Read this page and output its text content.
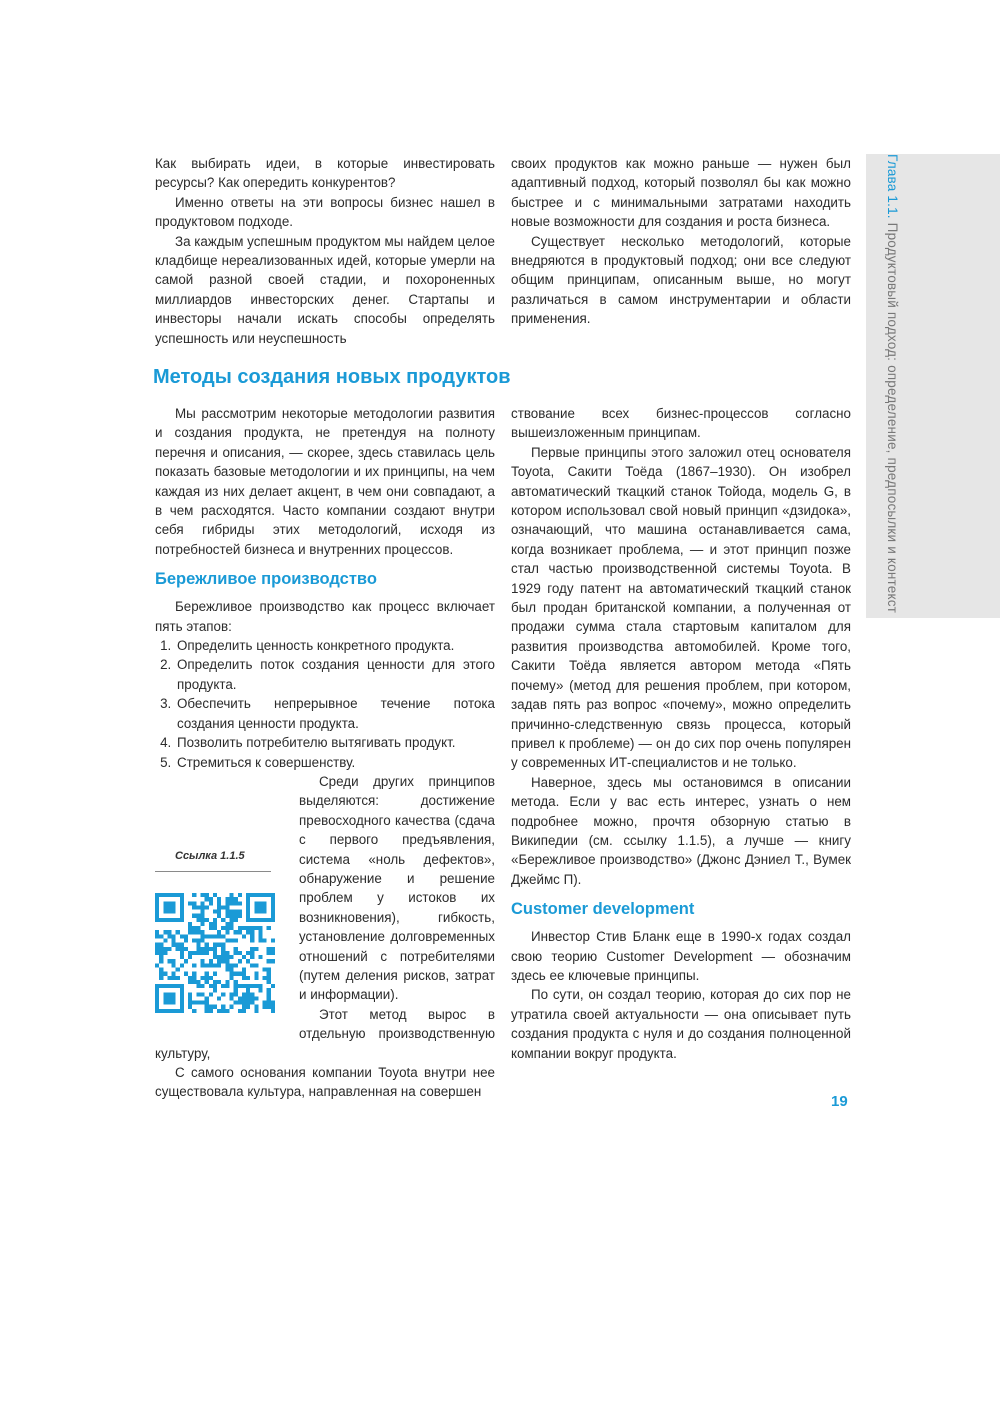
Глава 1.1. Продуктовый подход: определение, предпосылки и контекст

Как выбирать идеи, в которые инвестировать ресурсы? Как опередить конкурентов?

Именно ответы на эти вопросы бизнес нашел в продуктовом подходе.

За каждым успешным продуктом мы найдем целое кладбище нереализованных идей, которые умерли на самой разной своей стадии, и похороненных миллиардов инвесторских денег. Стартапы и инвесторы начали искать способы определять успешность или неуспешность

своих продуктов как можно раньше — нужен был адаптивный подход, который позволял бы как можно быстрее и с минимальными затратами находить новые возможности для создания и роста бизнеса.

Существует несколько методологий, которые внедряются в продуктовый подход; они все следуют общим принципам, описанным выше, но могут различаться в самом инструментарии и области применения.

Методы создания новых продуктов

Мы рассмотрим некоторые методологии развития и создания продукта, не претендуя на полноту перечня и описания, — скорее, здесь ставилась цель показать базовые методологии и их принципы, на чем каждая из них делает акцент, в чем они совпадают, а в чем расходятся. Часто компании создают внутри себя гибриды этих методологий, исходя из потребностей бизнеса и внутренних процессов.

Бережливое производство

Бережливое производство как процесс включает пять этапов:

1. Определить ценность конкретного продукта.
2. Определить поток создания ценности для этого продукта.
3. Обеспечить непрерывное течение потока создания ценности продукта.
4. Позволить потребителю вытягивать продукт.
5. Стремиться к совершенству.

Ссылка 1.1.5
Среди других принципов выделяются: достижение превосходного качества (сдача с первого предъявления, система «ноль дефектов», обнаружение и решение проблем у истоков их возникновения), гибкость, установление долговременных отношений с потребителями (путем деления рисков, затрат и информации).

Этот метод вырос в отдельную производственную культуру,

С самого основания компании Toyota внутри нее существовала культура, направленная на совершен

ствование всех бизнес-процессов согласно вышеизложенным принципам.

Первые принципы этого заложил отец основателя Toyota, Сакити Тоёда (1867–1930). Он изобрел автоматический ткацкий станок Тойода, модель G, в котором использовал свой новый принцип «дзидока», означающий, что машина останавливается сама, когда возникает проблема, — и этот принцип позже стал частью производственной системы Toyota. В 1929 году патент на автоматический ткацкий станок был продан британской компании, а полученная от продажи сумма стала стартовым капиталом для развития производства автомобилей. Кроме того, Сакити Тоёда является автором метода «Пять почему» (метод для решения проблем, при котором, задав пять раз вопрос «почему», можно определить причинно-следственную связь процесса, который привел к проблеме) — он до сих пор очень популярен у современных ИТ-специалистов и не только.

Наверное, здесь мы остановимся в описании метода. Если у вас есть интерес, узнать о нем подробнее можно, прочтя обзорную статью в Википедии (см. ссылку 1.1.5), а лучше — книгу «Бережливое производство» (Джонс Дэниел Т., Вумек Джеймс П).

Customer development

Инвестор Стив Бланк еще в 1990-х годах создал свою теорию Customer Development — обозначим здесь ее ключевые принципы.

По сути, он создал теорию, которая до сих пор не утратила своей актуальности — она описывает путь создания продукта с нуля и до создания полноценной компании вокруг продукта.

19
